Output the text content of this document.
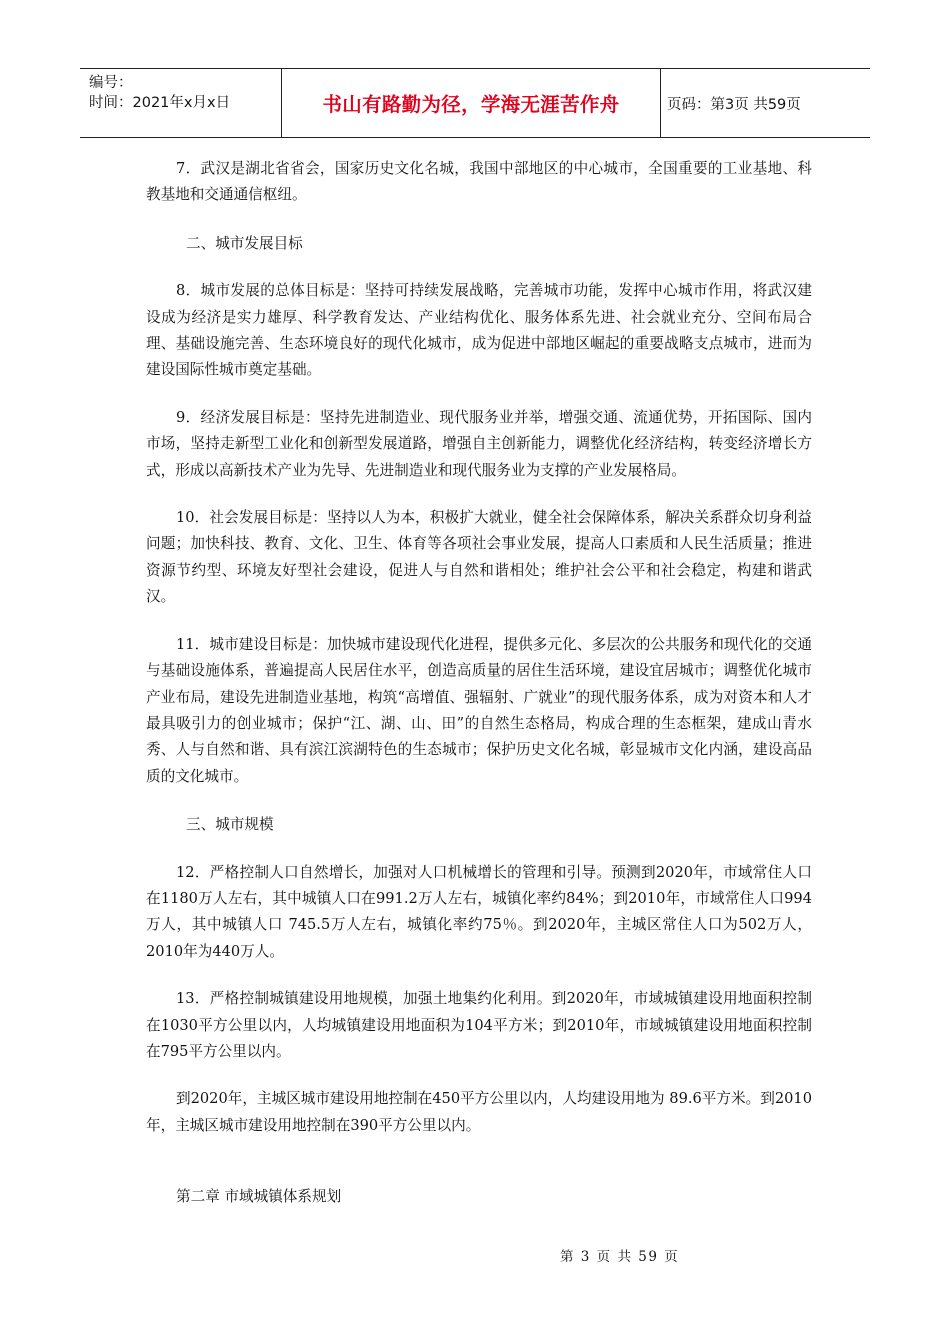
编号：
时间：2021年x月x日	书山有路勤为径，学海无涯苦作舟	页码：第3页 共59页

7．武汉是湖北省省会，国家历史文化名城，我国中部地区的中心城市，全国重要的工业基地、科教基地和交通通信枢纽。

二、城市发展目标

8．城市发展的总体目标是：坚持可持续发展战略，完善城市功能，发挥中心城市作用，将武汉建设成为经济是实力雄厚、科学教育发达、产业结构优化、服务体系先进、社会就业充分、空间布局合理、基础设施完善、生态环境良好的现代化城市，成为促进中部地区崛起的重要战略支点城市，进而为建设国际性城市奠定基础。

9．经济发展目标是：坚持先进制造业、现代服务业并举，增强交通、流通优势，开拓国际、国内市场，坚持走新型工业化和创新型发展道路，增强自主创新能力，调整优化经济结构，转变经济增长方式，形成以高新技术产业为先导、先进制造业和现代服务业为支撑的产业发展格局。

10．社会发展目标是：坚持以人为本，积极扩大就业，健全社会保障体系，解决关系群众切身利益问题；加快科技、教育、文化、卫生、体育等各项社会事业发展，提高人口素质和人民生活质量；推进资源节约型、环境友好型社会建设，促进人与自然和谐相处；维护社会公平和社会稳定，构建和谐武汉。

11．城市建设目标是：加快城市建设现代化进程，提供多元化、多层次的公共服务和现代化的交通与基础设施体系，普遍提高人民居住水平，创造高质量的居住生活环境，建设宜居城市；调整优化城市产业布局，建设先进制造业基地，构筑“高增值、强辐射、广就业”的现代服务体系，成为对资本和人才最具吸引力的创业城市；保护“江、湖、山、田”的自然生态格局，构成合理的生态框架，建成山青水秀、人与自然和谐、具有滨江滨湖特色的生态城市；保护历史文化名城，彰显城市文化内涵，建设高品质的文化城市。

三、城市规模

12．严格控制人口自然增长，加强对人口机械增长的管理和引导。预测到2020年，市域常住人口在1180万人左右，其中城镇人口在991.2万人左右，城镇化率约84%；到2010年，市域常住人口994万人，其中城镇人口 745.5万人左右，城镇化率约75％。到2020年，主城区常住人口为502万人，2010年为440万人。

13．严格控制城镇建设用地规模，加强土地集约化利用。到2020年，市域城镇建设用地面积控制在1030平方公里以内，人均城镇建设用地面积为104平方米；到2010年，市域城镇建设用地面积控制在795平方公里以内。

到2020年，主城区城市建设用地控制在450平方公里以内，人均建设用地为 89.6平方米。到2010年，主城区城市建设用地控制在390平方公里以内。

第二章 市域城镇体系规划

第 3 页 共 59 页
